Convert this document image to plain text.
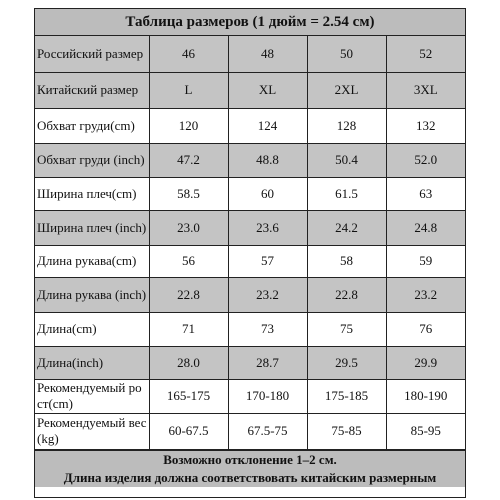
Таблица размеров (1 дюйм = 2.54 см)
Российский размер	46	48	50	52
Китайский размер	L	XL	2XL	3XL
Обхват груди(cm)	120	124	128	132
Обхват груди (inch)	47.2	48.8	50.4	52.0
Ширина плеч(cm)	58.5	60	61.5	63
Ширина плеч (inch)	23.0	23.6	24.2	24.8
Длина рукава(cm)	56	57	58	59
Длина рукава (inch)	22.8	23.2	22.8	23.2
Длина(cm)	71	73	75	76
Длина(inch)	28.0	28.7	29.5	29.9
Рекомендуемый рост(cm)	165-175	170-180	175-185	180-190
Рекомендуемый вес (kg)	60-67.5	67.5-75	75-85	85-95
Возможно отклонение 1–2 см.
Длина изделия должна соответствовать китайским размерным
